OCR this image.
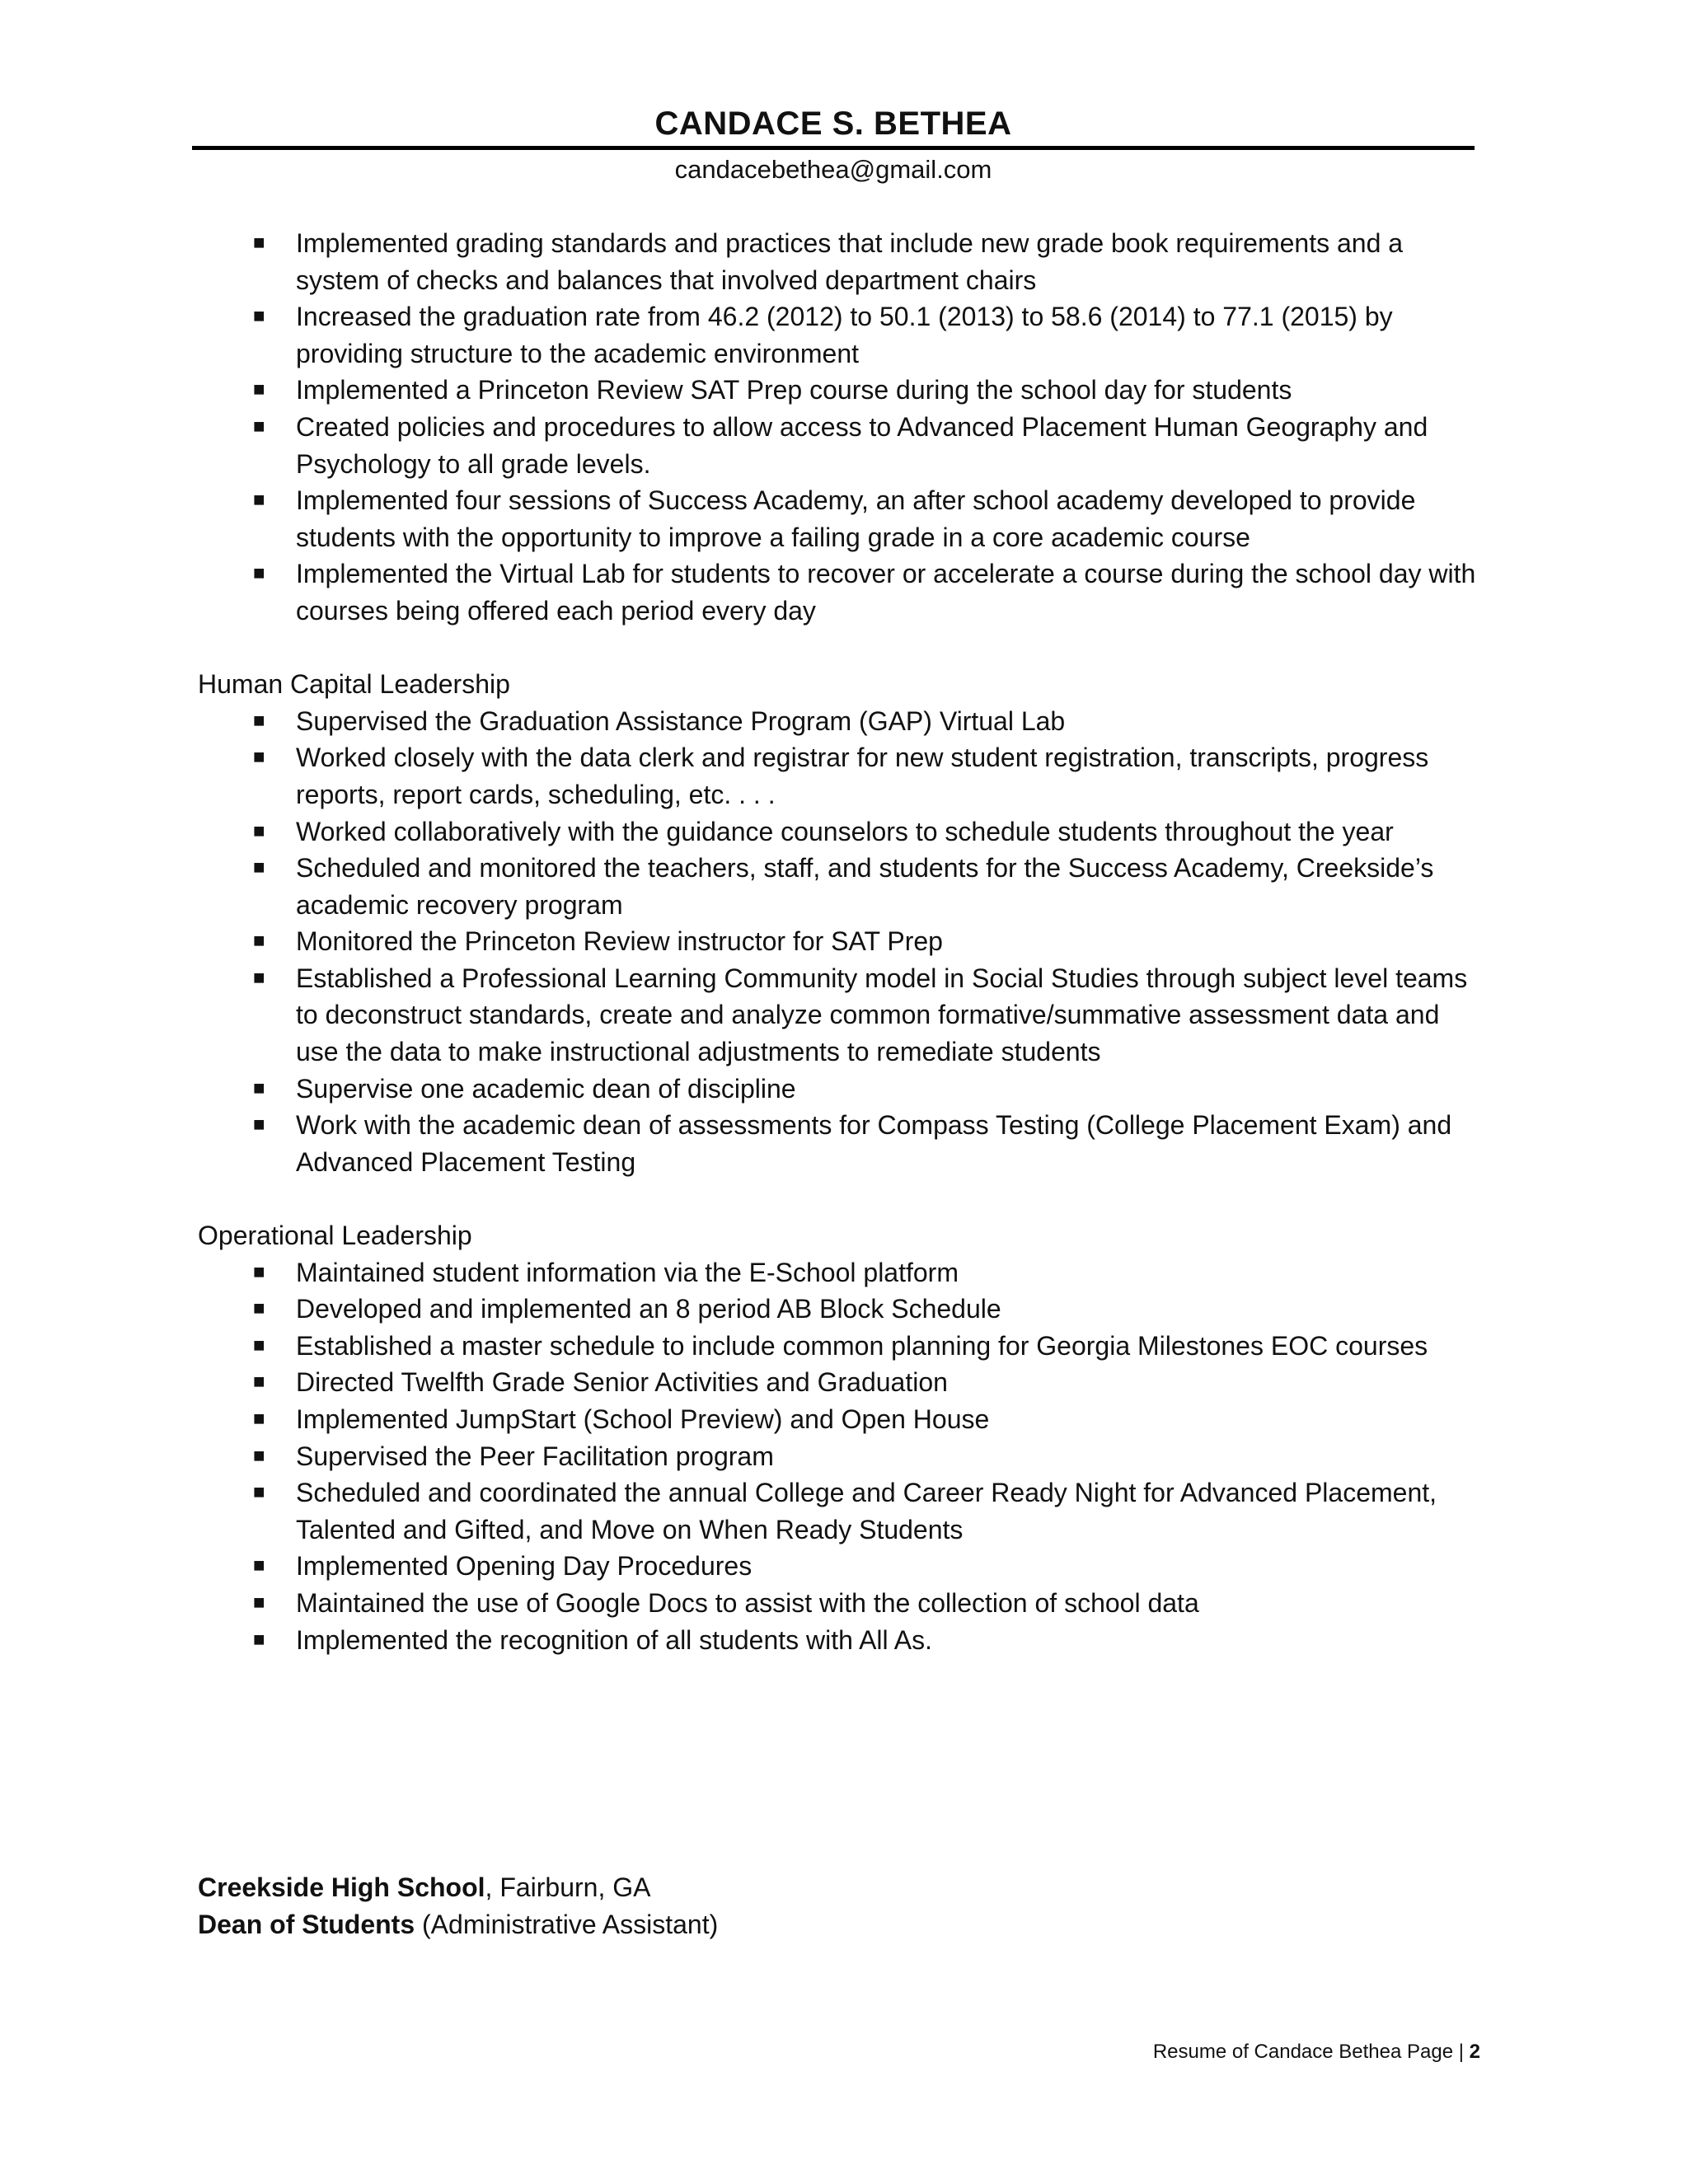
CANDACE S. BETHEA
candacebethea@gmail.com
■ Implemented grading standards and practices that include new grade book requirements and a system of checks and balances that involved department chairs
■ Increased the graduation rate from 46.2 (2012) to 50.1 (2013) to 58.6 (2014) to 77.1 (2015) by providing structure to the academic environment
■ Implemented a Princeton Review SAT Prep course during the school day for students
■ Created policies and procedures to allow access to Advanced Placement Human Geography and Psychology to all grade levels.
■ Implemented four sessions of Success Academy, an after school academy developed to provide students with the opportunity to improve a failing grade in a core academic course
■ Implemented the Virtual Lab for students to recover or accelerate a course during the school day with courses being offered each period every day
Human Capital Leadership
■ Supervised the Graduation Assistance Program (GAP) Virtual Lab
■ Worked closely with the data clerk and registrar for new student registration, transcripts, progress reports, report cards, scheduling, etc. . . .
■ Worked collaboratively with the guidance counselors to schedule students throughout the year
■ Scheduled and monitored the teachers, staff, and students for the Success Academy, Creekside’s academic recovery program
■ Monitored the Princeton Review instructor for SAT Prep
■ Established a Professional Learning Community model in Social Studies through subject level teams to deconstruct standards, create and analyze common formative/summative assessment data and use the data to make instructional adjustments to remediate students
■ Supervise one academic dean of discipline
■ Work with the academic dean of assessments for Compass Testing (College Placement Exam) and Advanced Placement Testing
Operational Leadership
■ Maintained student information via the E-School platform
■ Developed and implemented an 8 period AB Block Schedule
■ Established a master schedule to include common planning for Georgia Milestones EOC courses
■ Directed Twelfth Grade Senior Activities and Graduation
■ Implemented JumpStart (School Preview) and Open House
■ Supervised the Peer Facilitation program
■ Scheduled and coordinated the annual College and Career Ready Night for Advanced Placement, Talented and Gifted, and Move on When Ready Students
■ Implemented Opening Day Procedures
■ Maintained the use of Google Docs to assist with the collection of school data
■ Implemented the recognition of all students with All As.
Creekside High School, Fairburn, GA
Dean of Students (Administrative Assistant)
Resume of Candace Bethea Page | 2
